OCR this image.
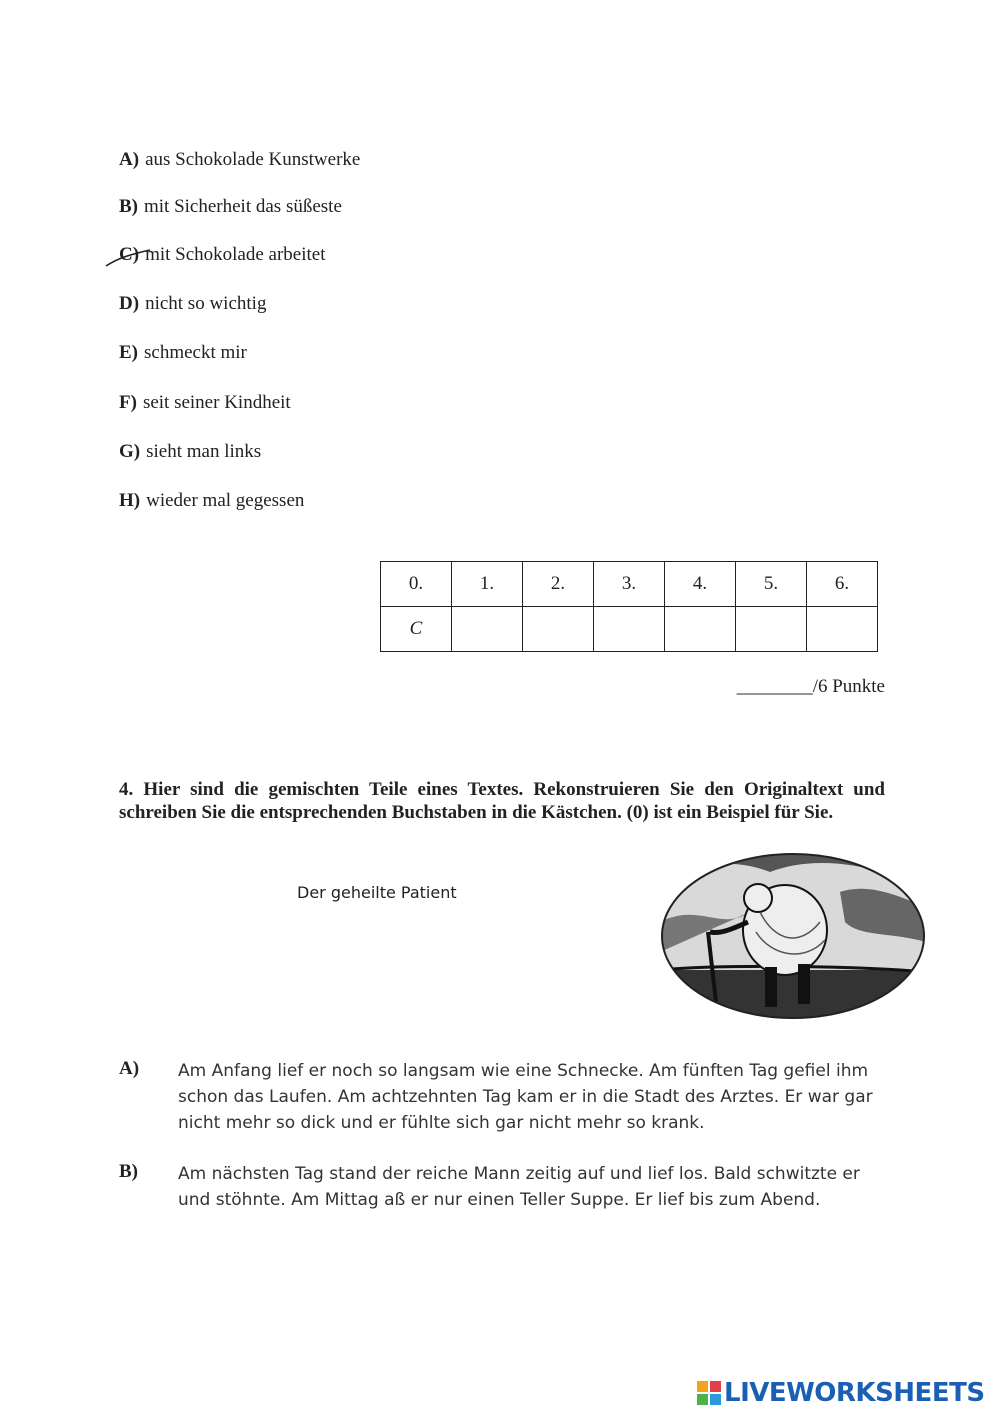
A) aus Schokolade Kunstwerke
B) mit Sicherheit das süßeste
C) mit Schokolade arbeitet
D) nicht so wichtig
E) schmeckt mir
F) seit seiner Kindheit
G) sieht man links
H) wieder mal gegessen
0.	1.	2.	3.	4.	5.	6.
C						
________/6 Punkte
4. Hier sind die gemischten Teile eines Textes. Rekonstruieren Sie den Originaltext und schreiben Sie die entsprechenden Buchstaben in die Kästchen. (0) ist ein Beispiel für Sie.
Der geheilte Patient
A) Am Anfang lief er noch so langsam wie eine Schnecke. Am fünften Tag gefiel ihm schon das Laufen. Am achtzehnten Tag kam er in die Stadt des Arztes. Er war gar nicht mehr so dick und er fühlte sich gar nicht mehr so krank.
B) Am nächsten Tag stand der reiche Mann zeitig auf und lief los. Bald schwitzte er und stöhnte. Am Mittag aß er nur einen Teller Suppe. Er lief bis zum Abend.
LIVEWORKSHEETS
